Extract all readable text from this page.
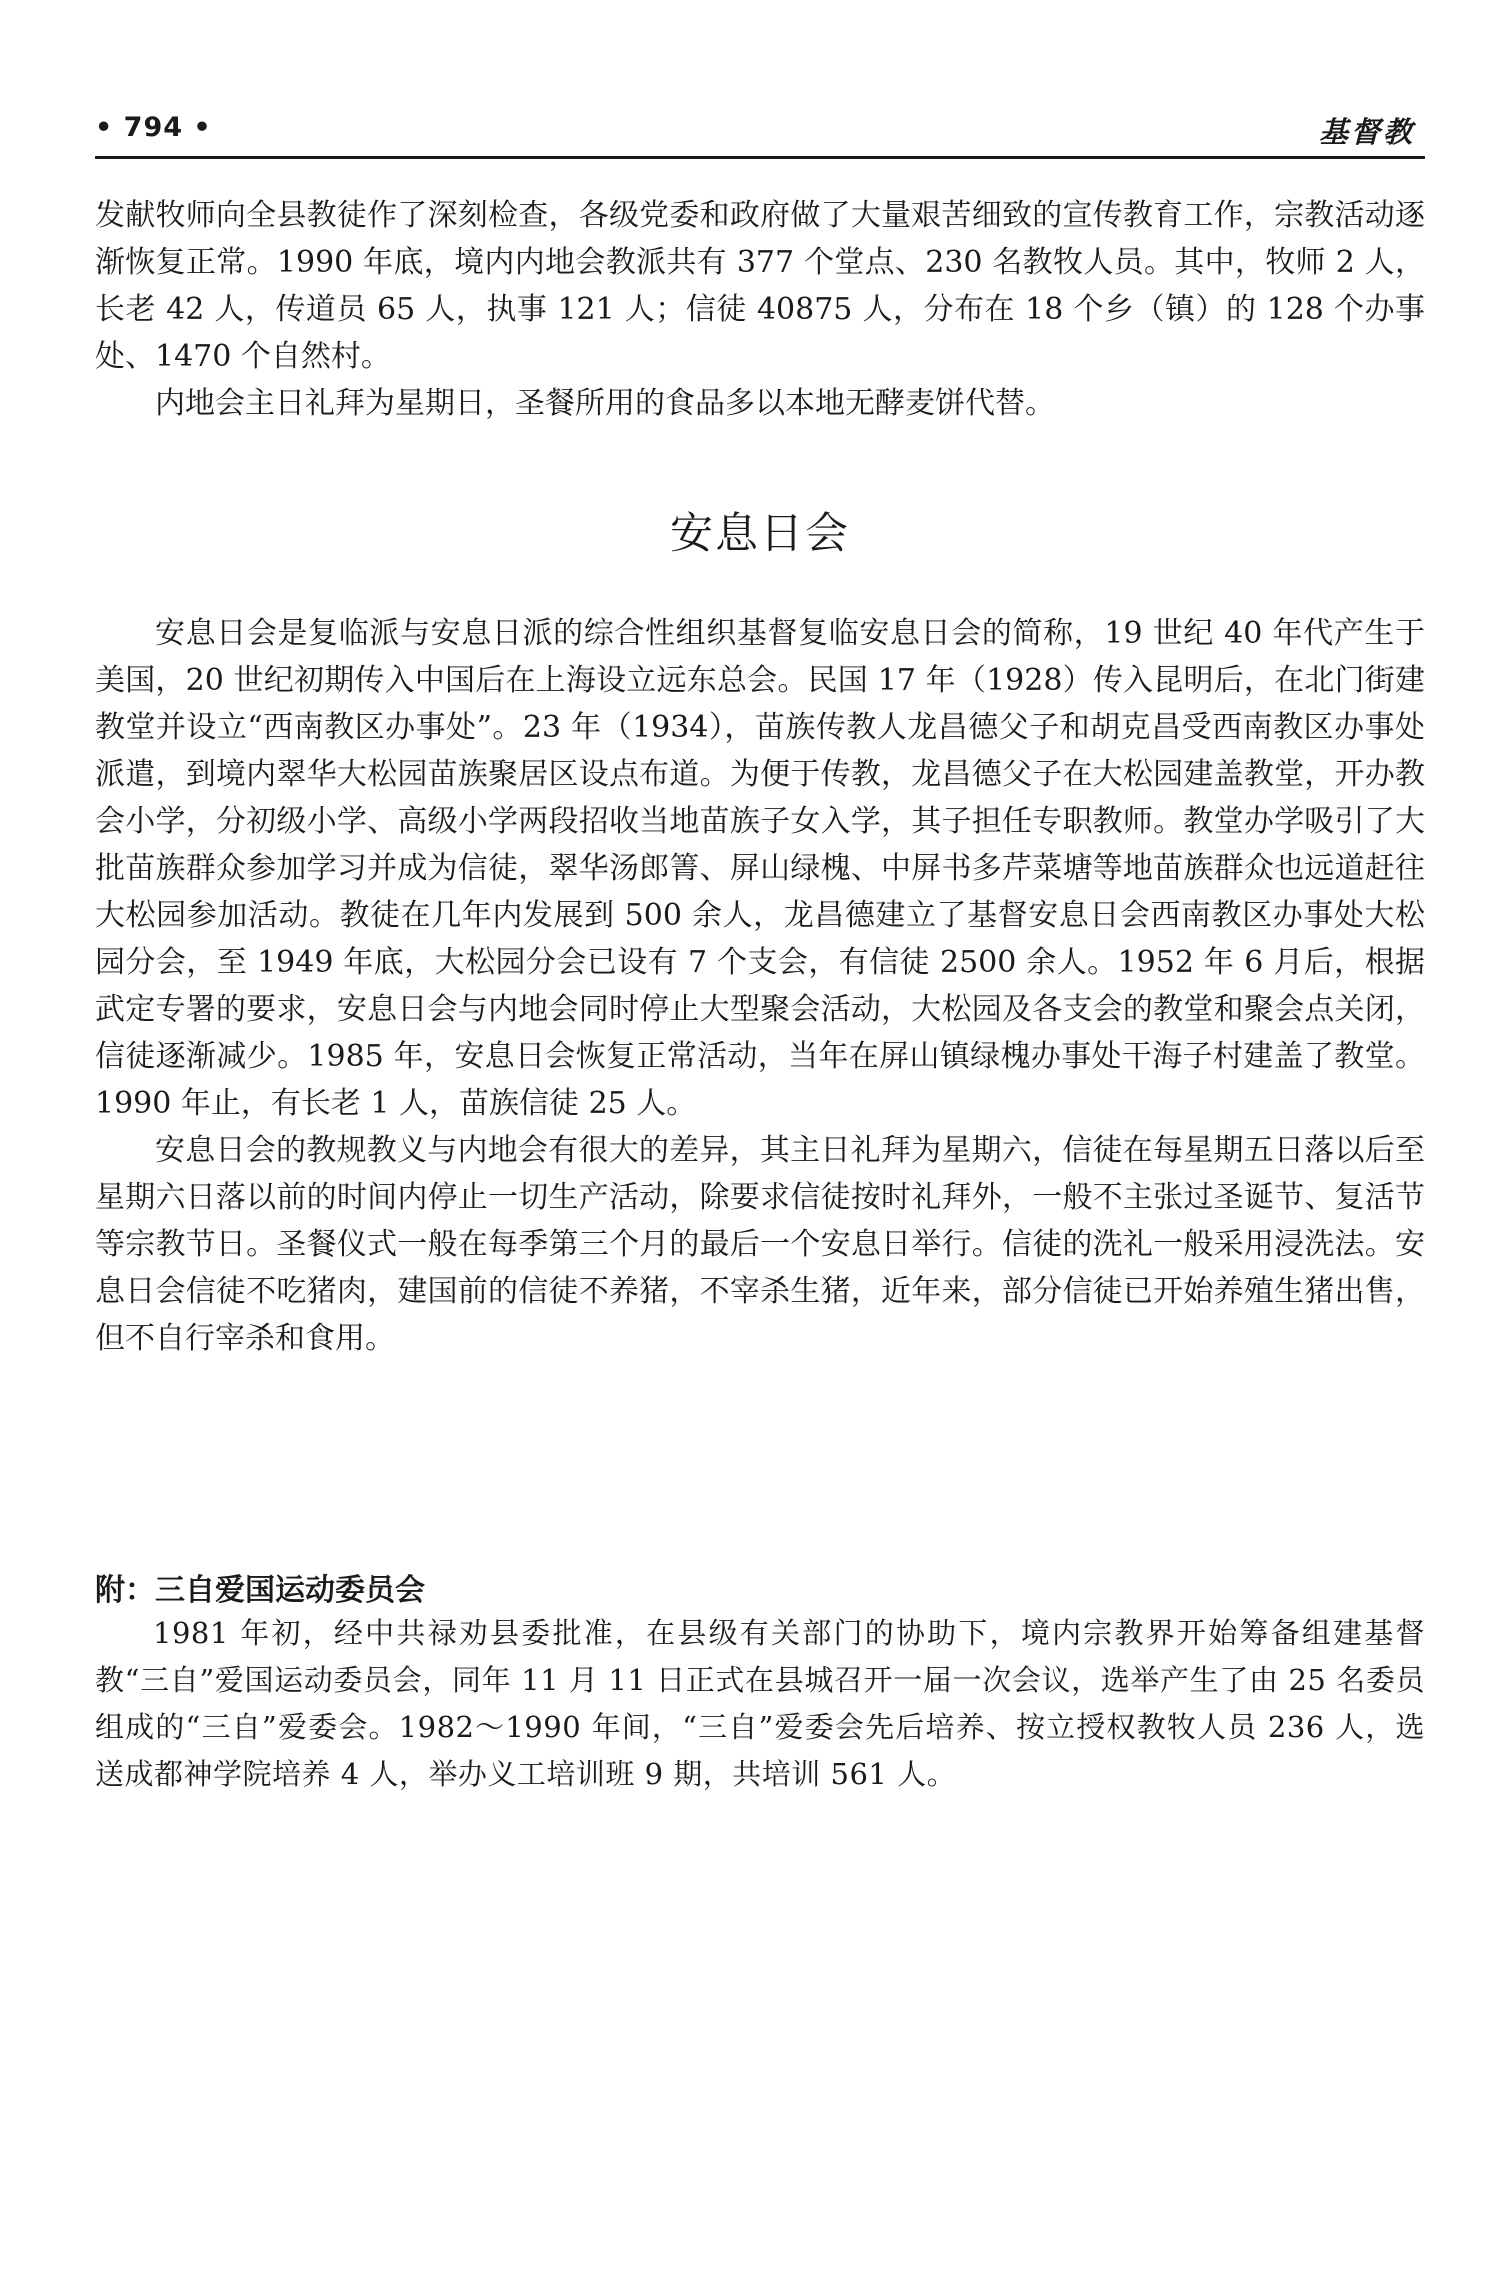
• 794 •	基督教

发献牧师向全县教徒作了深刻检查，各级党委和政府做了大量艰苦细致的宣传教育工作，宗教活动逐渐恢复正常。1990 年底，境内内地会教派共有 377 个堂点、230 名教牧人员。其中，牧师 2 人，长老 42 人，传道员 65 人，执事 121 人；信徒 40875 人，分布在 18 个乡（镇）的 128 个办事处、1470 个自然村。

内地会主日礼拜为星期日，圣餐所用的食品多以本地无酵麦饼代替。

安息日会

安息日会是复临派与安息日派的综合性组织基督复临安息日会的简称，19 世纪 40 年代产生于美国，20 世纪初期传入中国后在上海设立远东总会。民国 17 年（1928）传入昆明后，在北门街建教堂并设立“西南教区办事处”。23 年（1934），苗族传教人龙昌德父子和胡克昌受西南教区办事处派遣，到境内翠华大松园苗族聚居区设点布道。为便于传教，龙昌德父子在大松园建盖教堂，开办教会小学，分初级小学、高级小学两段招收当地苗族子女入学，其子担任专职教师。教堂办学吸引了大批苗族群众参加学习并成为信徒，翠华汤郎箐、屏山绿槐、中屏书多芹菜塘等地苗族群众也远道赶往大松园参加活动。教徒在几年内发展到 500 余人，龙昌德建立了基督安息日会西南教区办事处大松园分会，至 1949 年底，大松园分会已设有 7 个支会，有信徒 2500 余人。1952 年 6 月后，根据武定专署的要求，安息日会与内地会同时停止大型聚会活动，大松园及各支会的教堂和聚会点关闭，信徒逐渐减少。1985 年，安息日会恢复正常活动，当年在屏山镇绿槐办事处干海子村建盖了教堂。1990 年止，有长老 1 人，苗族信徒 25 人。

安息日会的教规教义与内地会有很大的差异，其主日礼拜为星期六，信徒在每星期五日落以后至星期六日落以前的时间内停止一切生产活动，除要求信徒按时礼拜外，一般不主张过圣诞节、复活节等宗教节日。圣餐仪式一般在每季第三个月的最后一个安息日举行。信徒的洗礼一般采用浸洗法。安息日会信徒不吃猪肉，建国前的信徒不养猪，不宰杀生猪，近年来，部分信徒已开始养殖生猪出售，但不自行宰杀和食用。

附：三自爱国运动委员会

1981 年初，经中共禄劝县委批准，在县级有关部门的协助下，境内宗教界开始筹备组建基督教“三自”爱国运动委员会，同年 11 月 11 日正式在县城召开一届一次会议，选举产生了由 25 名委员组成的“三自”爱委会。1982～1990 年间，“三自”爱委会先后培养、按立授权教牧人员 236 人，选送成都神学院培养 4 人，举办义工培训班 9 期，共培训 561 人。
